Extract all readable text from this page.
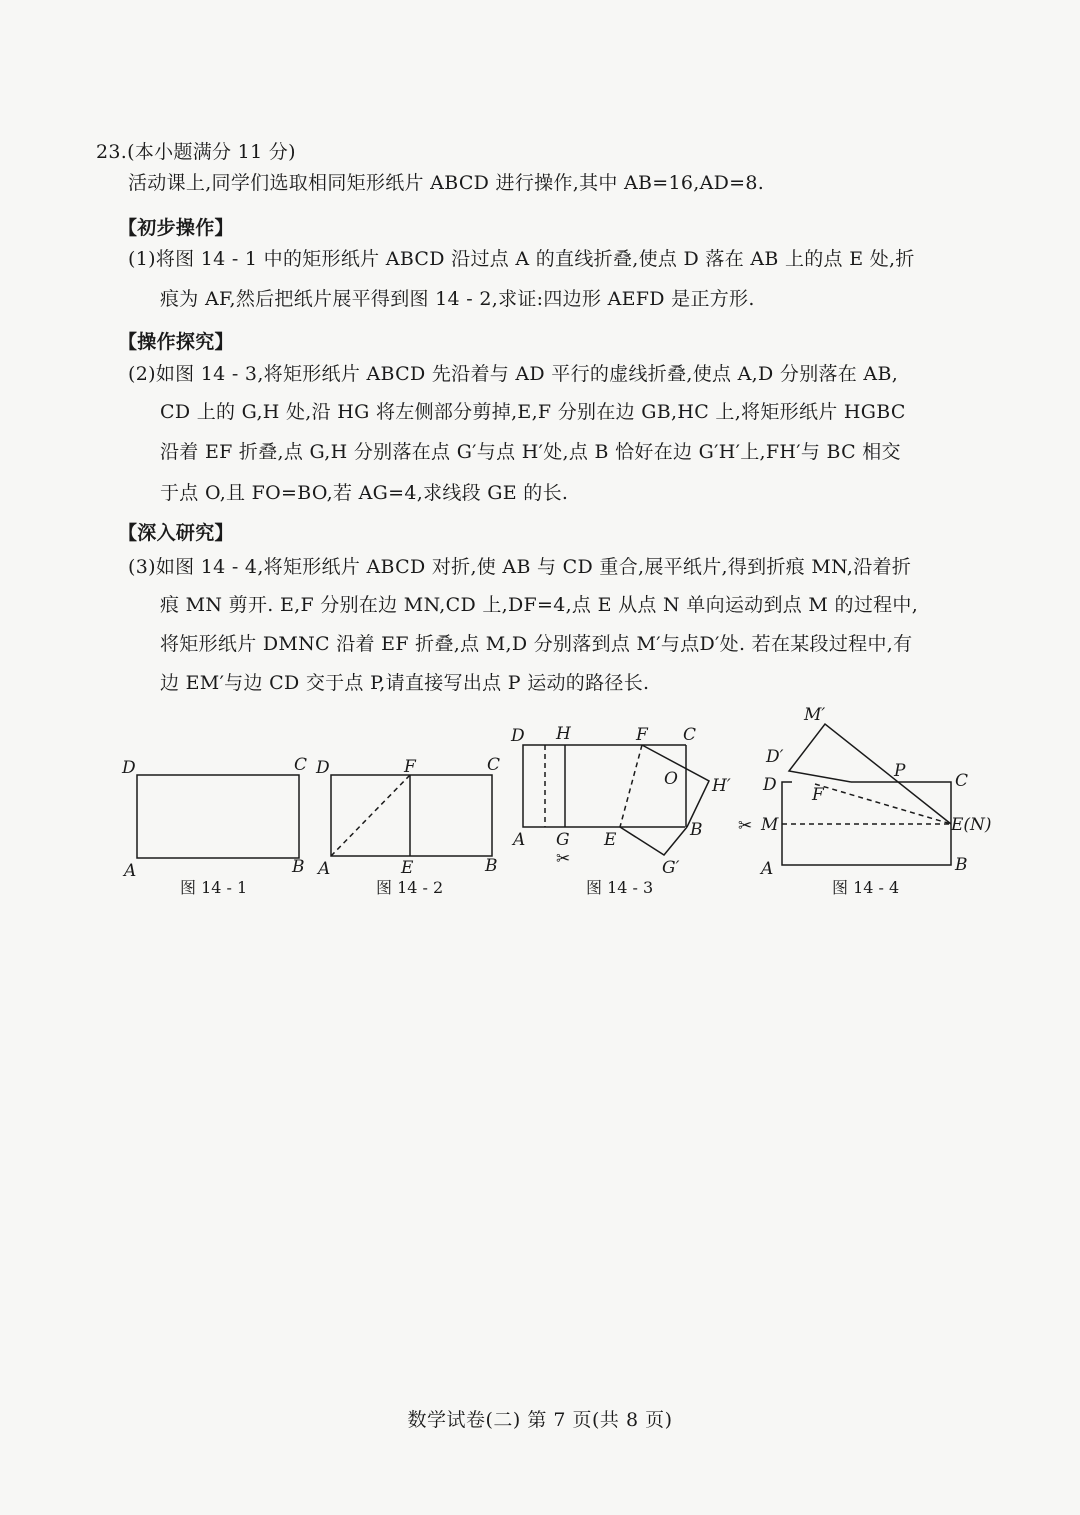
23.(本小题满分 11 分)
活动课上,同学们选取相同矩形纸片 ABCD 进行操作,其中 AB=16,AD=8.
【初步操作】
(1)将图 14 - 1 中的矩形纸片 ABCD 沿过点 A 的直线折叠,使点 D 落在 AB 上的点 E 处,折
痕为 AF,然后把纸片展平得到图 14 - 2,求证:四边形 AEFD 是正方形.
【操作探究】
(2)如图 14 - 3,将矩形纸片 ABCD 先沿着与 AD 平行的虚线折叠,使点 A,D 分别落在 AB,
CD 上的 G,H 处,沿 HG 将左侧部分剪掉,E,F 分别在边 GB,HC 上,将矩形纸片 HGBC
沿着 EF 折叠,点 G,H 分别落在点 G′与点 H′处,点 B 恰好在边 G′H′上,FH′与 BC 相交
于点 O,且 FO=BO,若 AG=4,求线段 GE 的长.
【深入研究】
(3)如图 14 - 4,将矩形纸片 ABCD 对折,使 AB 与 CD 重合,展平纸片,得到折痕 MN,沿着折
痕 MN 剪开. E,F 分别在边 MN,CD 上,DF=4,点 E 从点 N 单向运动到点 M 的过程中,
将矩形纸片 DMNC 沿着 EF 折叠,点 M,D 分别落到点 M′与点D′处. 若在某段过程中,有
边 EM′与边 CD 交于点 P,请直接写出点 P 运动的路径长.
D	C
A	B
图 14 - 1
D	F	C
A	E	B
图 14 - 2
D H	F C
O H′
A G E	B
G′
✂
图 14 - 3
M′
D′
D F
P	C
M
✂	E(N)
A	B
图 14 - 4
数学试卷(二) 第 7 页(共 8 页)
